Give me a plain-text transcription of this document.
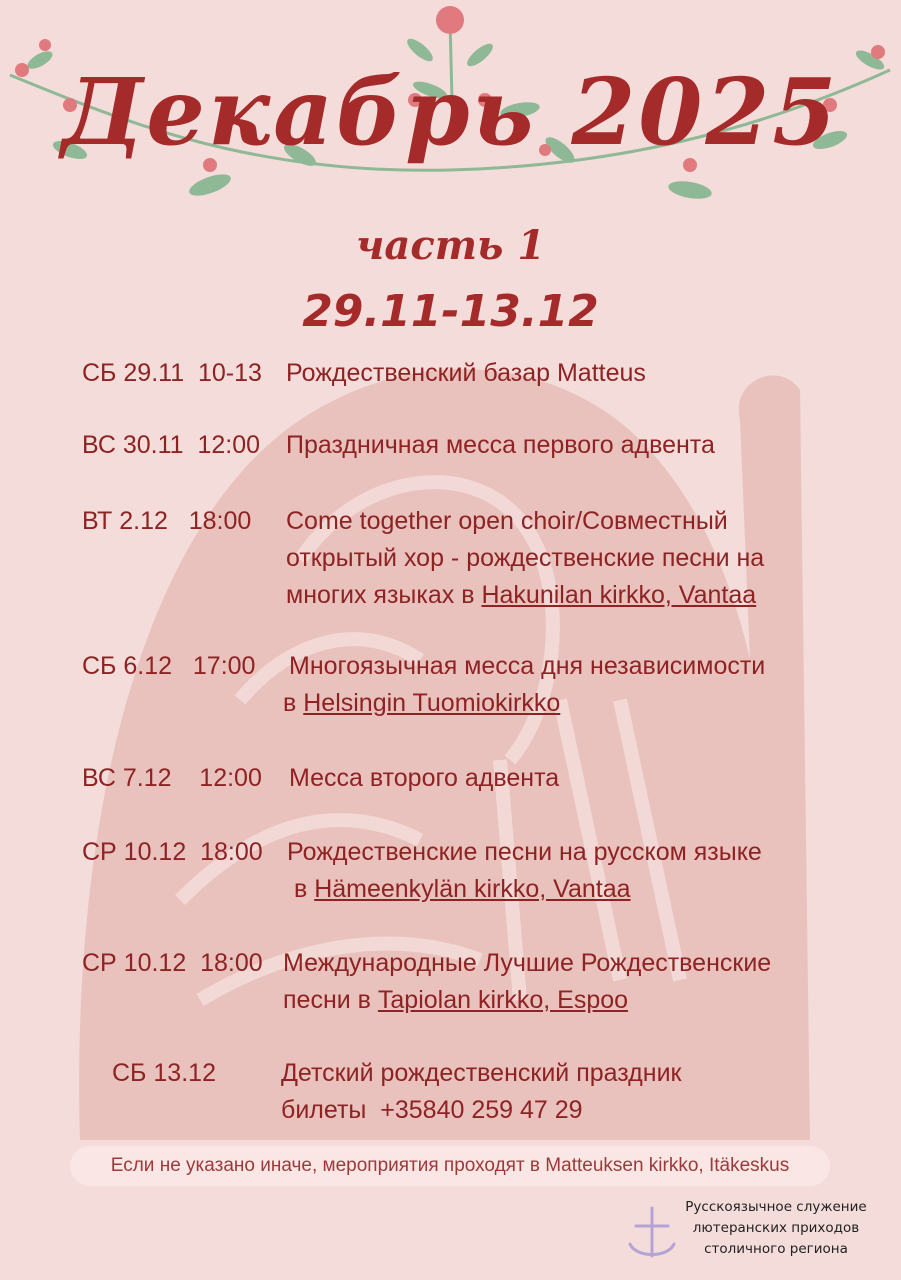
Декабрь 2025
часть 1
29.11-13.12
СБ 29.11  10-13 Рождественский базар Matteus
ВС 30.11  12:00 Праздничная месса первого адвента
ВТ 2.12   18:00 Come together open choir/Совместный
открытый хор - рождественские песни на
многих языках в Hakunilan kirkko, Vantaa
СБ 6.12   17:00 Многоязычная месса дня независимости
в Helsingin Tuomiokirkko
ВС 7.12    12:00 Месса второго адвента
СР 10.12  18:00 Рождественские песни на русском языке
в Hämeenkylän kirkko, Vantaa
СР 10.12  18:00 Международные Лучшие Рождественские
песни в Tapiolan kirkko, Espoo
СБ 13.12	Детский рождественский праздник
билеты  +35840 259 47 29
Если не указано иначе, мероприятия проходят в Matteuksen kirkko, Itäkeskus
Русскоязычное служение
лютеранских приходов
столичного региона
